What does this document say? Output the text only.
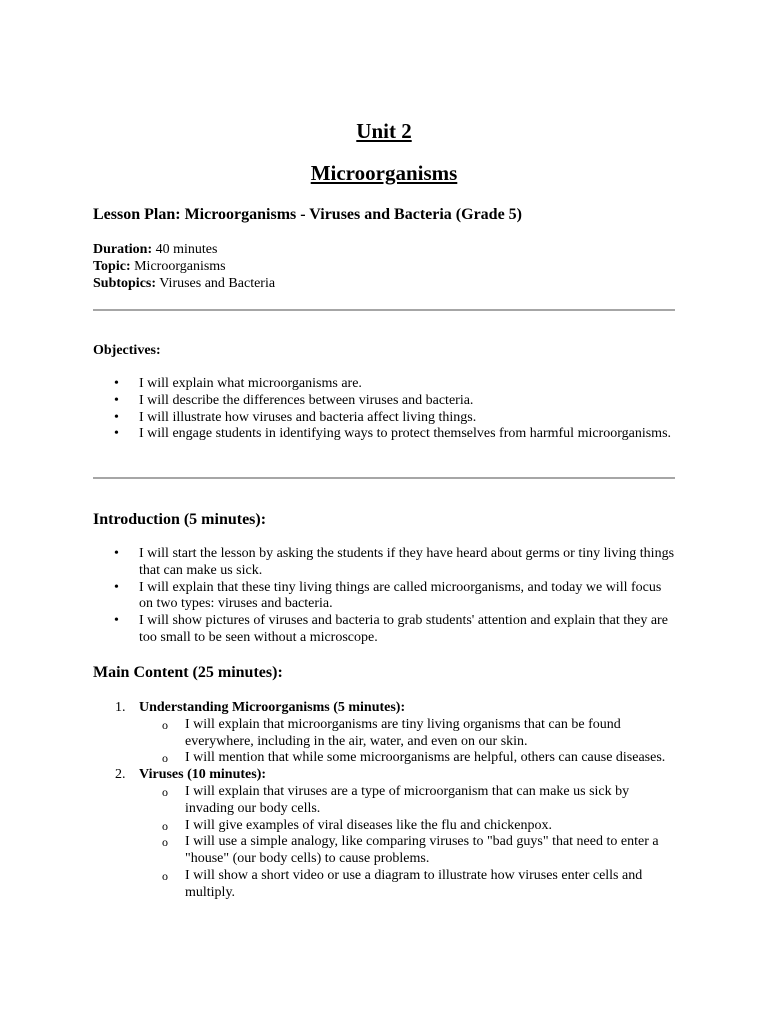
Unit 2
Microorganisms
Lesson Plan: Microorganisms - Viruses and Bacteria (Grade 5)
Duration: 40 minutes
Topic: Microorganisms
Subtopics: Viruses and Bacteria
Objectives:
• I will explain what microorganisms are.
• I will describe the differences between viruses and bacteria.
• I will illustrate how viruses and bacteria affect living things.
• I will engage students in identifying ways to protect themselves from harmful microorganisms.
Introduction (5 minutes):
• I will start the lesson by asking the students if they have heard about germs or tiny living things that can make us sick.
• I will explain that these tiny living things are called microorganisms, and today we will focus on two types: viruses and bacteria.
• I will show pictures of viruses and bacteria to grab students' attention and explain that they are too small to be seen without a microscope.
Main Content (25 minutes):
1. Understanding Microorganisms (5 minutes):
o I will explain that microorganisms are tiny living organisms that can be found everywhere, including in the air, water, and even on our skin.
o I will mention that while some microorganisms are helpful, others can cause diseases.
2. Viruses (10 minutes):
o I will explain that viruses are a type of microorganism that can make us sick by invading our body cells.
o I will give examples of viral diseases like the flu and chickenpox.
o I will use a simple analogy, like comparing viruses to "bad guys" that need to enter a "house" (our body cells) to cause problems.
o I will show a short video or use a diagram to illustrate how viruses enter cells and multiply.
